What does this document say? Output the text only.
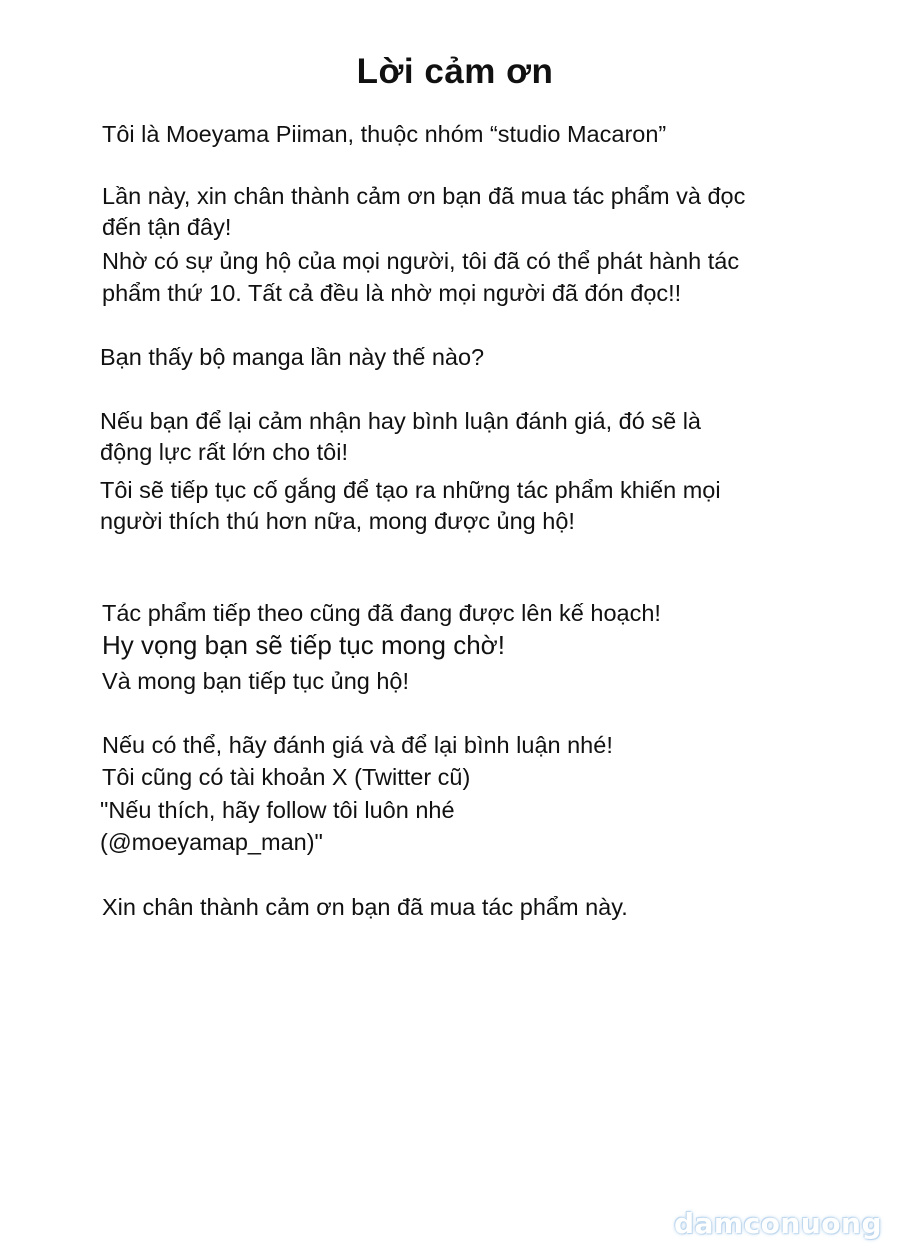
Lời cảm ơn

Tôi là Moeyama Piiman, thuộc nhóm “studio Macaron”

Lần này, xin chân thành cảm ơn bạn đã mua tác phẩm và đọc

đến tận đây!

Nhờ có sự ủng hộ của mọi người, tôi đã có thể phát hành tác

phẩm thứ 10. Tất cả đều là nhờ mọi người đã đón đọc!!

Bạn thấy bộ manga lần này thế nào?

Nếu bạn để lại cảm nhận hay bình luận đánh giá, đó sẽ là

động lực rất lớn cho tôi!

Tôi sẽ tiếp tục cố gắng để tạo ra những tác phẩm khiến mọi

người thích thú hơn nữa, mong được ủng hộ!

Tác phẩm tiếp theo cũng đã đang được lên kế hoạch!

Hy vọng bạn sẽ tiếp tục mong chờ!

Và mong bạn tiếp tục ủng hộ!

Nếu có thể, hãy đánh giá và để lại bình luận nhé!

Tôi cũng có tài khoản X (Twitter cũ)

"Nếu thích, hãy follow tôi luôn nhé

(@moeyamap_man)"

Xin chân thành cảm ơn bạn đã mua tác phẩm này.

damconuong
